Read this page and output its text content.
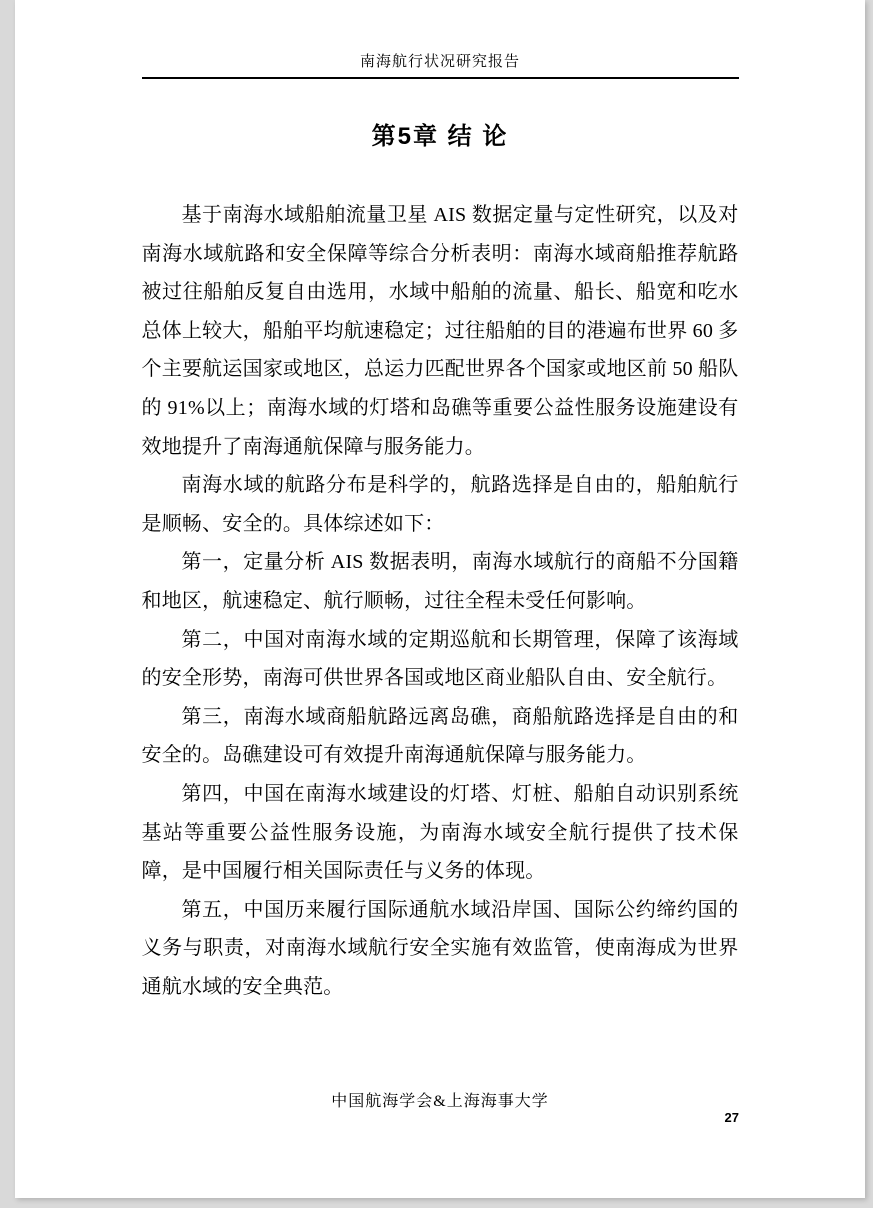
南海航行状况研究报告
第5章 结 论

基于南海水域船舶流量卫星 AIS 数据定量与定性研究，以及对南海水域航路和安全保障等综合分析表明：南海水域商船推荐航路被过往船舶反复自由选用，水域中船舶的流量、船长、船宽和吃水总体上较大，船舶平均航速稳定；过往船舶的目的港遍布世界 60 多个主要航运国家或地区，总运力匹配世界各个国家或地区前 50 船队的 91%以上；南海水域的灯塔和岛礁等重要公益性服务设施建设有效地提升了南海通航保障与服务能力。

南海水域的航路分布是科学的，航路选择是自由的，船舶航行是顺畅、安全的。具体综述如下：

第一，定量分析 AIS 数据表明，南海水域航行的商船不分国籍和地区，航速稳定、航行顺畅，过往全程未受任何影响。

第二，中国对南海水域的定期巡航和长期管理，保障了该海域的安全形势，南海可供世界各国或地区商业船队自由、安全航行。

第三，南海水域商船航路远离岛礁，商船航路选择是自由的和安全的。岛礁建设可有效提升南海通航保障与服务能力。

第四，中国在南海水域建设的灯塔、灯桩、船舶自动识别系统基站等重要公益性服务设施，为南海水域安全航行提供了技术保障，是中国履行相关国际责任与义务的体现。

第五，中国历来履行国际通航水域沿岸国、国际公约缔约国的义务与职责，对南海水域航行安全实施有效监管，使南海成为世界通航水域的安全典范。

中国航海学会&上海海事大学
27
